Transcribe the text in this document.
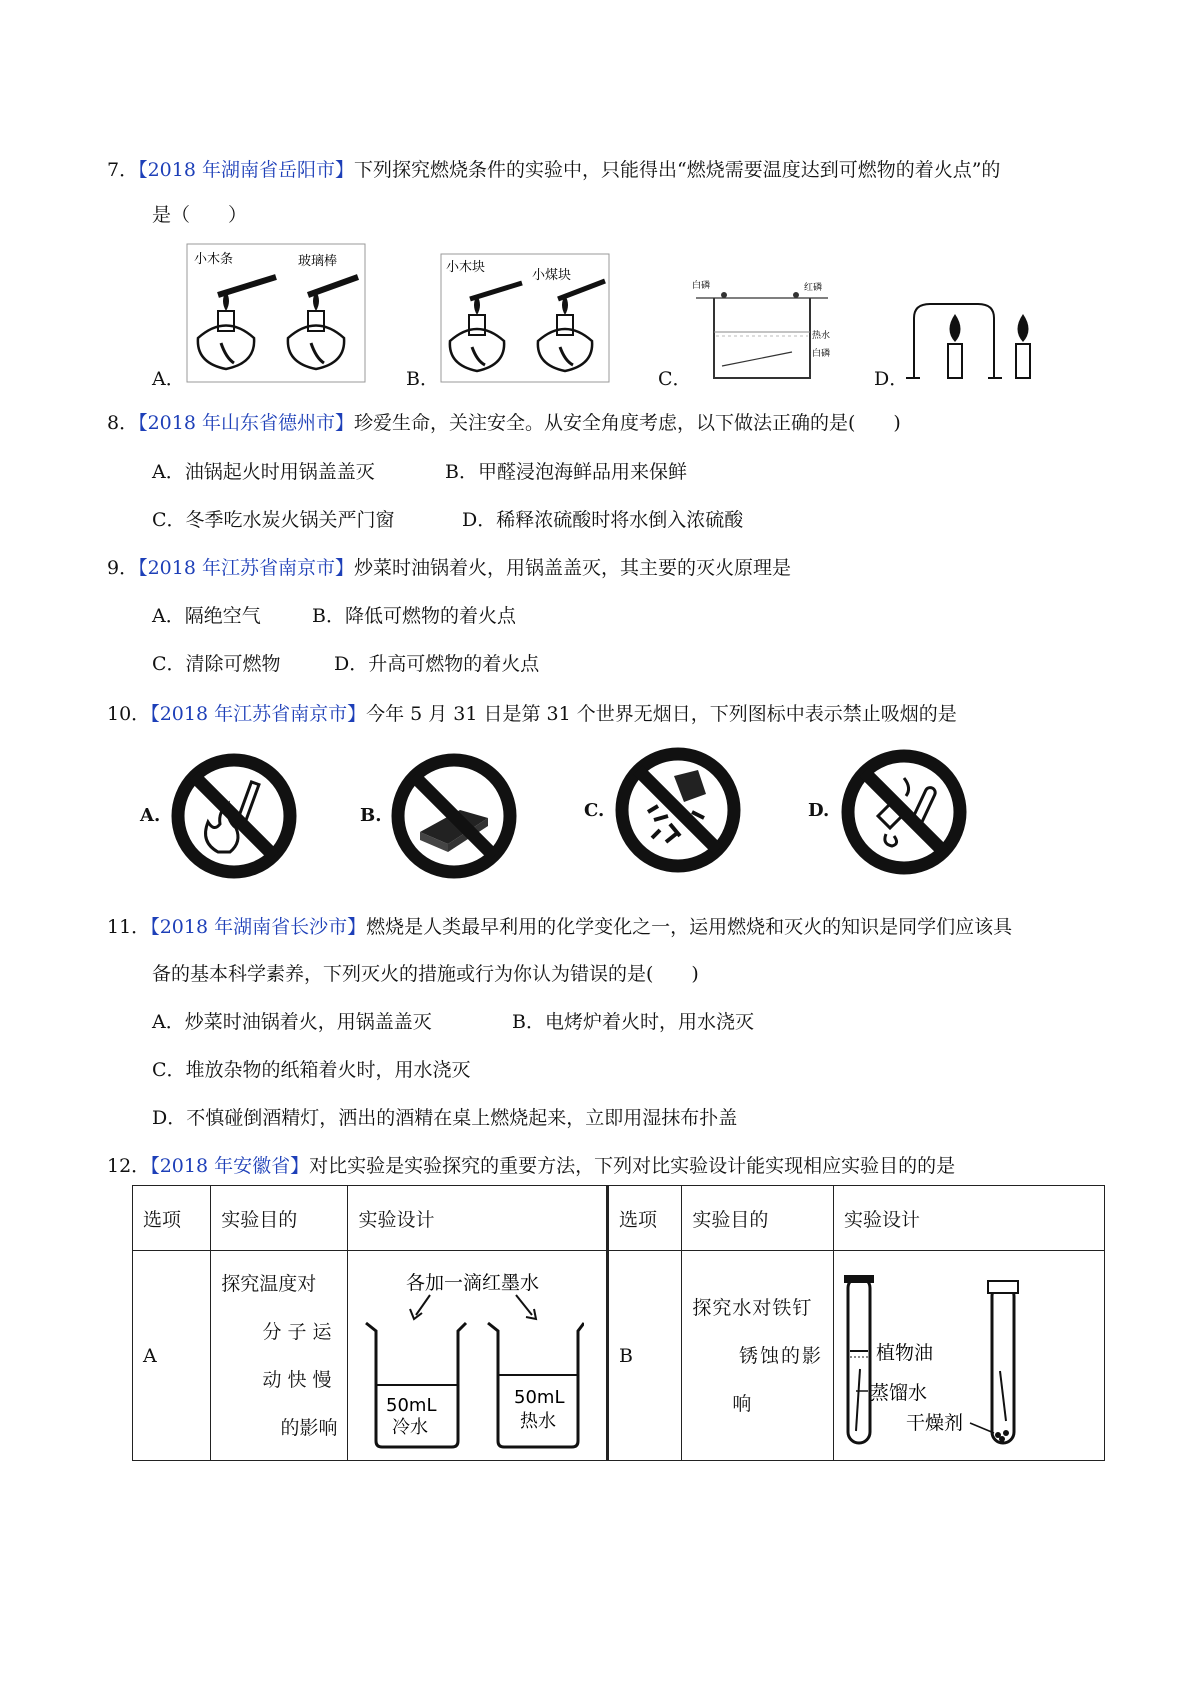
7．【2018 年湖南省岳阳市】下列探究燃烧条件的实验中，只能得出“燃烧需要温度达到可燃物的着火点”的
是（　　）
A．
小木条	玻璃棒
B．
小木块
小煤块
C．
白磷	红磷
热水
白磷
D．
8．【2018 年山东省德州市】珍爱生命，关注安全。从安全角度考虑，以下做法正确的是(　　)
A．油锅起火时用锅盖盖灭	B．甲醛浸泡海鲜品用来保鲜
C．冬季吃水炭火锅关严门窗	D．稀释浓硫酸时将水倒入浓硫酸
9．【2018 年江苏省南京市】炒菜时油锅着火，用锅盖盖灭，其主要的灭火原理是
A．隔绝空气	B．降低可燃物的着火点
C．清除可燃物	D．升高可燃物的着火点
10．【2018 年江苏省南京市】今年 5 月 31 日是第 31 个世界无烟日，下列图标中表示禁止吸烟的是
A.	B.	C.	D.
11．【2018 年湖南省长沙市】燃烧是人类最早利用的化学变化之一，运用燃烧和灭火的知识是同学们应该具
备的基本科学素养，下列灭火的措施或行为你认为错误的是(　　)
A．炒菜时油锅着火，用锅盖盖灭	B．电烤炉着火时，用水浇灭
C．堆放杂物的纸箱着火时，用水浇灭
D．不慎碰倒酒精灯，洒出的酒精在桌上燃烧起来，立即用湿抹布扑盖
12．【2018 年安徽省】对比实验是实验探究的重要方法，下列对比实验设计能实现相应实验目的的是
选项	实验目的	实验设计	选项	实验目的	实验设计
A	探究温度对
分子运
动快慢
的影响	各加一滴红墨水
50mL
冷水
50mL
热水	B	探究水对铁钉
锈蚀的影
响	植物油
蒸馏水
干燥剂
